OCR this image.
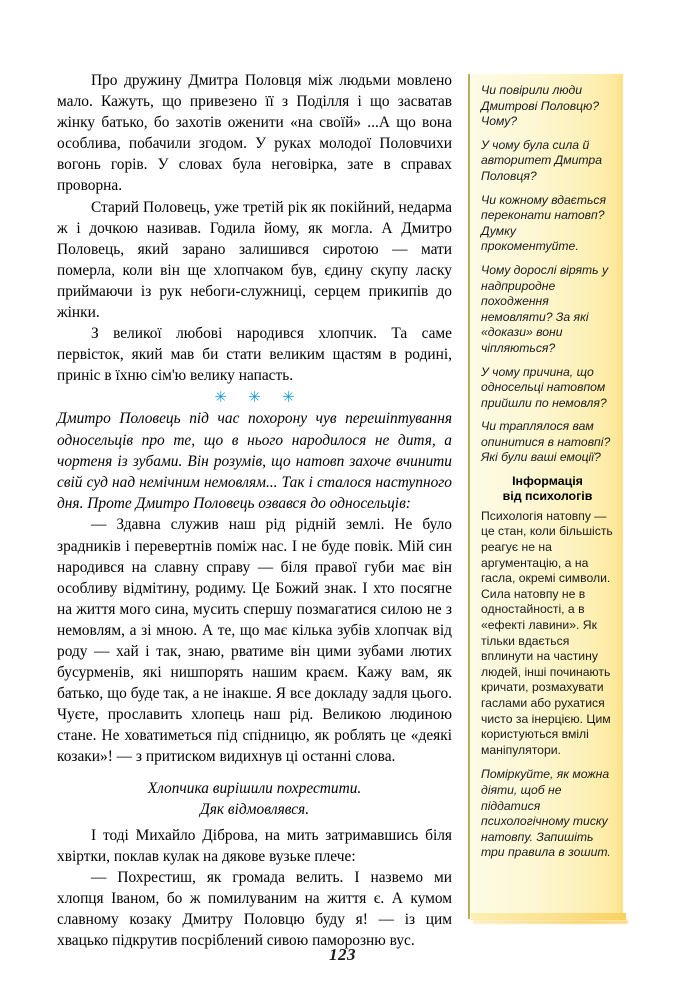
Про дружину Дмитра Половця між людьми мовлено мало. Кажуть, що привезено її з Поділля і що засватав жінку батько, бо захотів оженити «на своїй» ...А що вона особлива, побачили згодом. У руках молодої Половчихи вогонь горів. У словах була неговірка, зате в справах проворна.

Старий Половець, уже третій рік як покійний, недарма ж і дочкою називав. Годила йому, як могла. А Дмитро Половець, який зарано залишився сиротою — мати померла, коли він ще хлопчаком був, єдину скупу ласку приймаючи із рук небоги-служниці, серцем прикипів до жінки.

З великої любові народився хлопчик. Та саме первісток, який мав би стати великим щастям в родині, приніс в їхню сім'ю велику напасть.

✳ ✳ ✳

Дмитро Половець під час похорону чув перешіптування односельців про те, що в нього народилося не дитя, а чортеня із зубами. Він розумів, що натовп захоче вчинити свій суд над немічним немовлям... Так і сталося наступного дня. Проте Дмитро Половець озвався до односельців:

— Здавна служив наш рід рідній землі. Не було зрадників і перевертнів поміж нас. І не буде повік. Мій син народився на славну справу — біля правої губи має він особливу відмітину, родиму. Це Божий знак. І хто посягне на життя мого сина, мусить спершу позмагатися силою не з немовлям, а зі мною. А те, що має кілька зубів хлопчак від роду — хай і так, знаю, рватиме він цими зубами лютих бусурменів, які нишпорять нашим краєм. Кажу вам, як батько, що буде так, а не інакше. Я все докладу задля цього. Чуєте, прославить хлопець наш рід. Великою людиною стане. Не ховатиметься під спідницю, як роблять це «деякі козаки»! — з притиском видихнув ці останні слова.

Хлопчика вирішили похрестити.

Дяк відмовлявся.

І тоді Михайло Діброва, на мить затримавшись біля хвіртки, поклав кулак на дякове вузьке плече:

— Похрестиш, як громада велить. І назвемо ми хлопця Іваном, бо ж помилуваним на життя є. А кумом славному козаку Дмитру Половцю буду я! — із цим хвацько підкрутив посріблений сивою паморозню вус.

Чи повірили люди Дмитрові Половцю? Чому?

У чому була сила й авторитет Дмитра Половця?

Чи кожному вдається переконати натовп? Думку прокоментуйте.

Чому дорослі вірять у надприродне походження немовляти? За які «докази» вони чіпляються?

У чому причина, що односельці натовпом прийшли по немовля?

Чи траплялося вам опинитися в натовпі? Які були ваші емоції?

Інформація
від психологів

Психологія натовпу — це стан, коли більшість реагує не на аргументацію, а на гасла, окремі символи. Сила натовпу не в одностайності, а в «ефекті лавини». Як тільки вдається вплинути на частину людей, інші починають кричати, розмахувати гаслами або рухатися чисто за інерцією. Цим користуються вмілі маніпулятори.

Поміркуйте, як можна діяти, щоб не піддатися психологічному тиску натовпу. Запишіть три правила в зошит.

123
